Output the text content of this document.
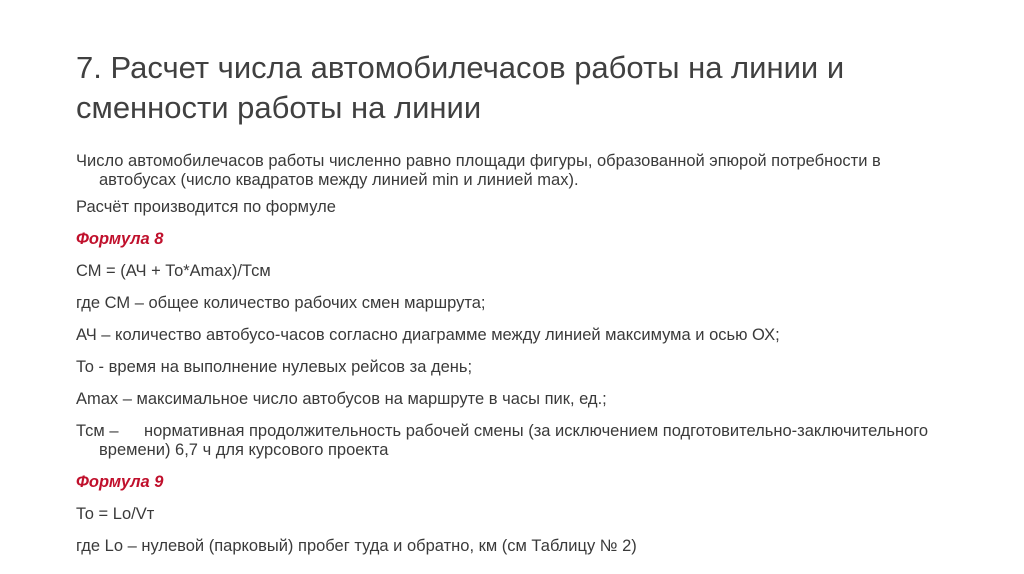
7. Расчет числа автомобилечасов работы на линии и сменности работы на линии

Число автомобилечасов работы численно равно площади фигуры, образованной эпюрой потребности в автобусах (число квадратов между линией min и линией max).

Расчёт производится по формуле

Формула 8

СМ = (АЧ + То*Аmax)/Тсм

где СМ – общее количество рабочих смен маршрута;

АЧ – количество автобусо-часов согласно диаграмме между линией максимума и осью ОХ;

То - время на выполнение нулевых рейсов за день;

Аmax – максимальное число автобусов на маршруте в часы пик, ед.;

Тсм – нормативная продолжительность рабочей смены (за исключением подготовительно-заключительного времени) 6,7 ч для курсового проекта

Формула 9

То = Lо/Vт

где Lо – нулевой (парковый) пробег туда и обратно, км (см Таблицу № 2)
